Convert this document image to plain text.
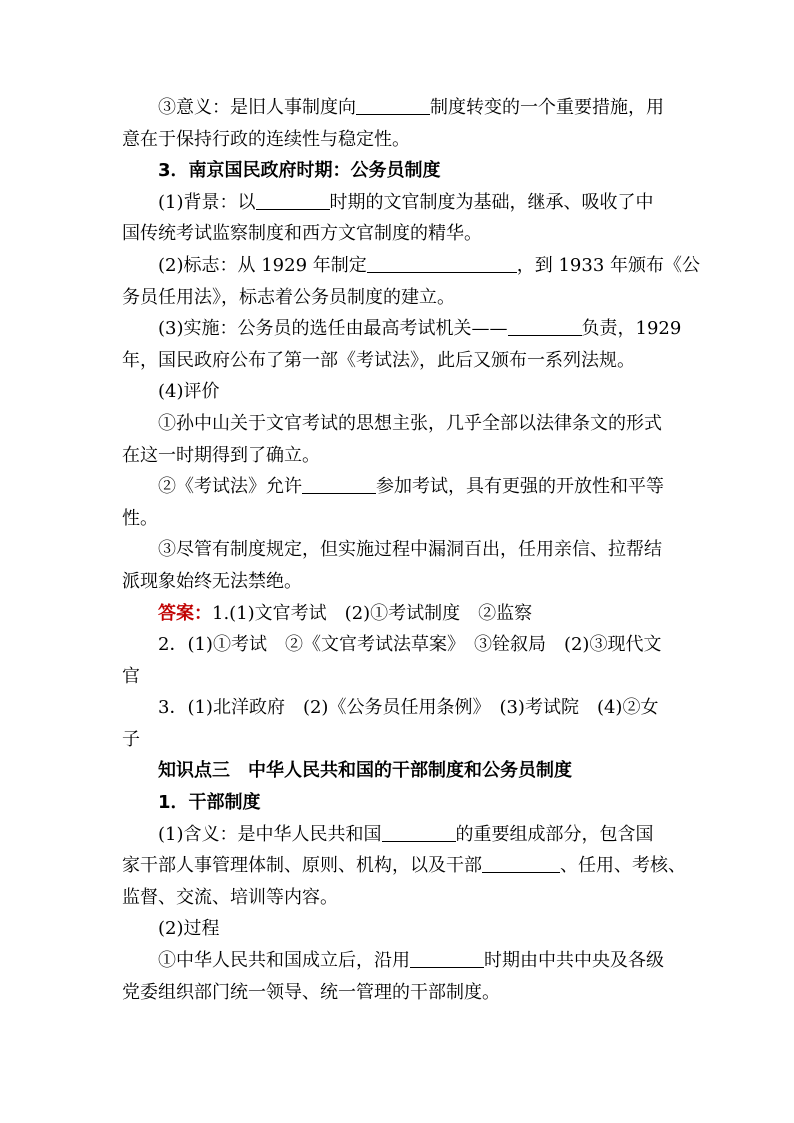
③意义：是旧人事制度向	制度转变的一个重要措施，用
意在于保持行政的连续性与稳定性。
3．南京国民政府时期：公务员制度
(1)背景：以	时期的文官制度为基础，继承、吸收了中
国传统考试监察制度和西方文官制度的精华。
(2)标志：从 1929 年制定	，到 1933 年颁布《公
务员任用法》，标志着公务员制度的建立。
(3)实施：公务员的选任由最高考试机关——	负责，1929
年，国民政府公布了第一部《考试法》，此后又颁布一系列法规。
(4)评价
①孙中山关于文官考试的思想主张，几乎全部以法律条文的形式
在这一时期得到了确立。
②《考试法》允许	参加考试，具有更强的开放性和平等
性。
③尽管有制度规定，但实施过程中漏洞百出，任用亲信、拉帮结
派现象始终无法禁绝。
答案：1.(1)文官考试　(2)①考试制度　②监察
2．(1)①考试　②《文官考试法草案》　③铨叙局　(2)③现代文
官
3．(1)北洋政府　(2)《公务员任用条例》　(3)考试院　(4)②女
子
知识点三　中华人民共和国的干部制度和公务员制度
1．干部制度
(1)含义：是中华人民共和国	的重要组成部分，包含国
家干部人事管理体制、原则、机构，以及干部	、任用、考核、
监督、交流、培训等内容。
(2)过程
①中华人民共和国成立后，沿用	时期由中共中央及各级
党委组织部门统一领导、统一管理的干部制度。
